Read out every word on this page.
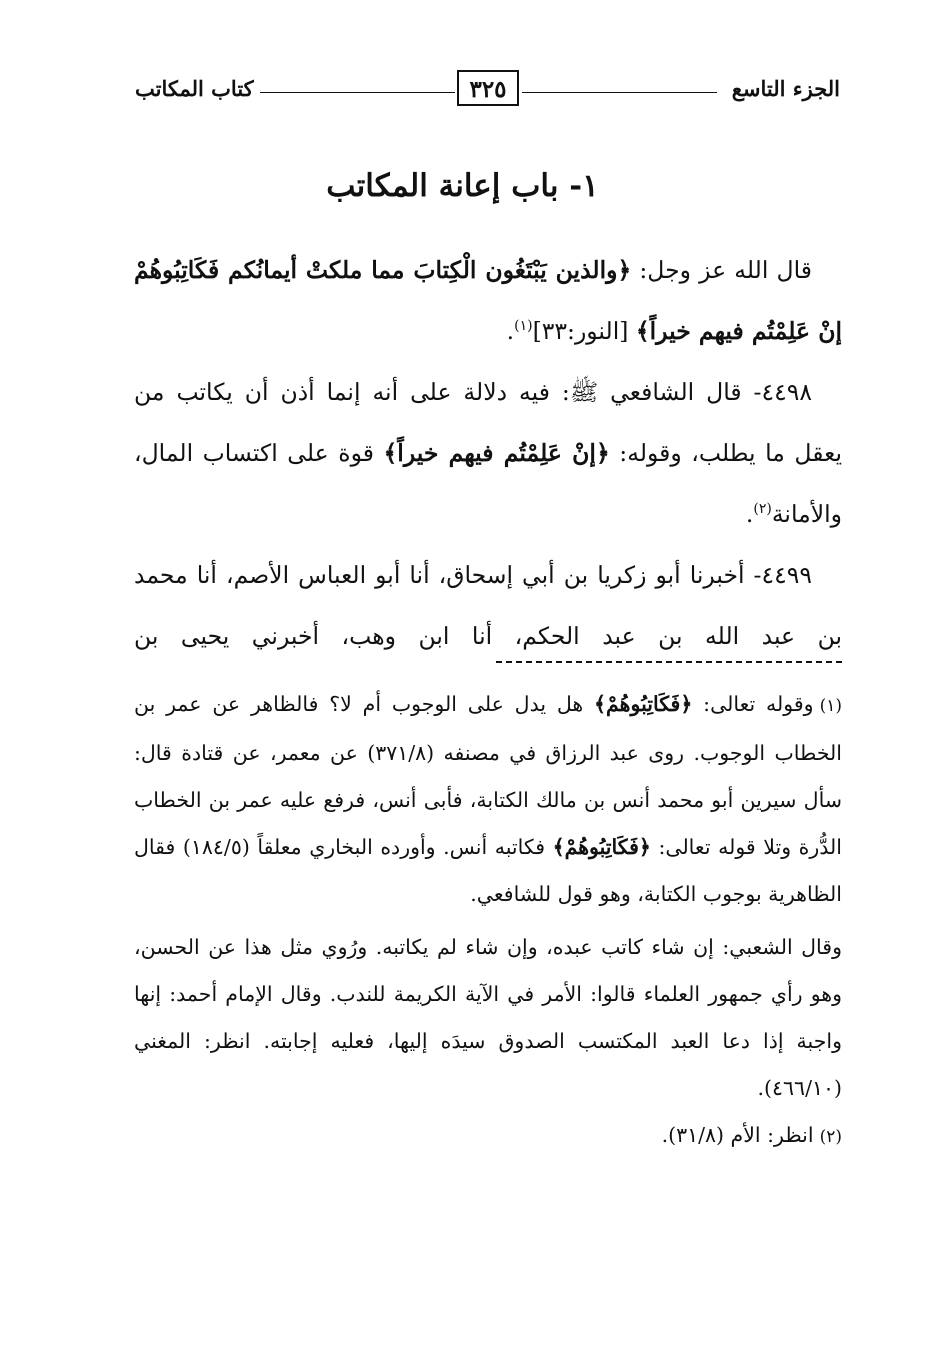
الجزء التاسع
٣٢٥
كتاب المكاتب
١- باب إعانة المكاتب

قال الله عز وجل: ﴿والذين يَبْتَغُون الْكِتابَ مما ملكتْ أيمانُكم فَكَاتِبُوهُمْ إنْ عَلِمْتُم فيهم خيراً﴾ [النور:٣٣]$^{(١)}$.

٤٤٩٨- قال الشافعي ﷺ: فيه دلالة على أنه إنما أذن أن يكاتب من يعقل ما يطلب، وقوله: ﴿إنْ عَلِمْتُم فيهم خيراً﴾ قوة على اكتساب المال، والأمانة$^{(٢)}$.

٤٤٩٩- أخبرنا أبو زكريا بن أبي إسحاق، أنا أبو العباس الأصم، أنا محمد بن عبد الله بن عبد الحكم، أنا ابن وهب، أخبرني يحيى بن

(١)وقوله تعالى: ﴿فَكَاتِبُوهُمْ﴾ هل يدل على الوجوب أم لا؟ فالظاهر عن عمر بن الخطاب الوجوب. روى عبد الرزاق في مصنفه (٣٧١/٨) عن معمر، عن قتادة قال: سأل سيرين أبو محمد أنس بن مالك الكتابة، فأبى أنس، فرفع عليه عمر بن الخطاب الدُّرة وتلا قوله تعالى: ﴿فَكَاتِبُوهُمْ﴾ فكاتبه أنس. وأورده البخاري معلقاً (١٨٤/٥) فقال الظاهرية بوجوب الكتابة، وهو قول للشافعي.

وقال الشعبي: إن شاء كاتب عبده، وإن شاء لم يكاتبه. ورُوي مثل هذا عن الحسن، وهو رأي جمهور العلماء قالوا: الأمر في الآية الكريمة للندب. وقال الإمام أحمد: إنها واجبة إذا دعا العبد المكتسب الصدوق سيدَه إليها، فعليه إجابته. انظر: المغني (٤٦٦/١٠).

(٢)انظر: الأم (٣١/٨).
